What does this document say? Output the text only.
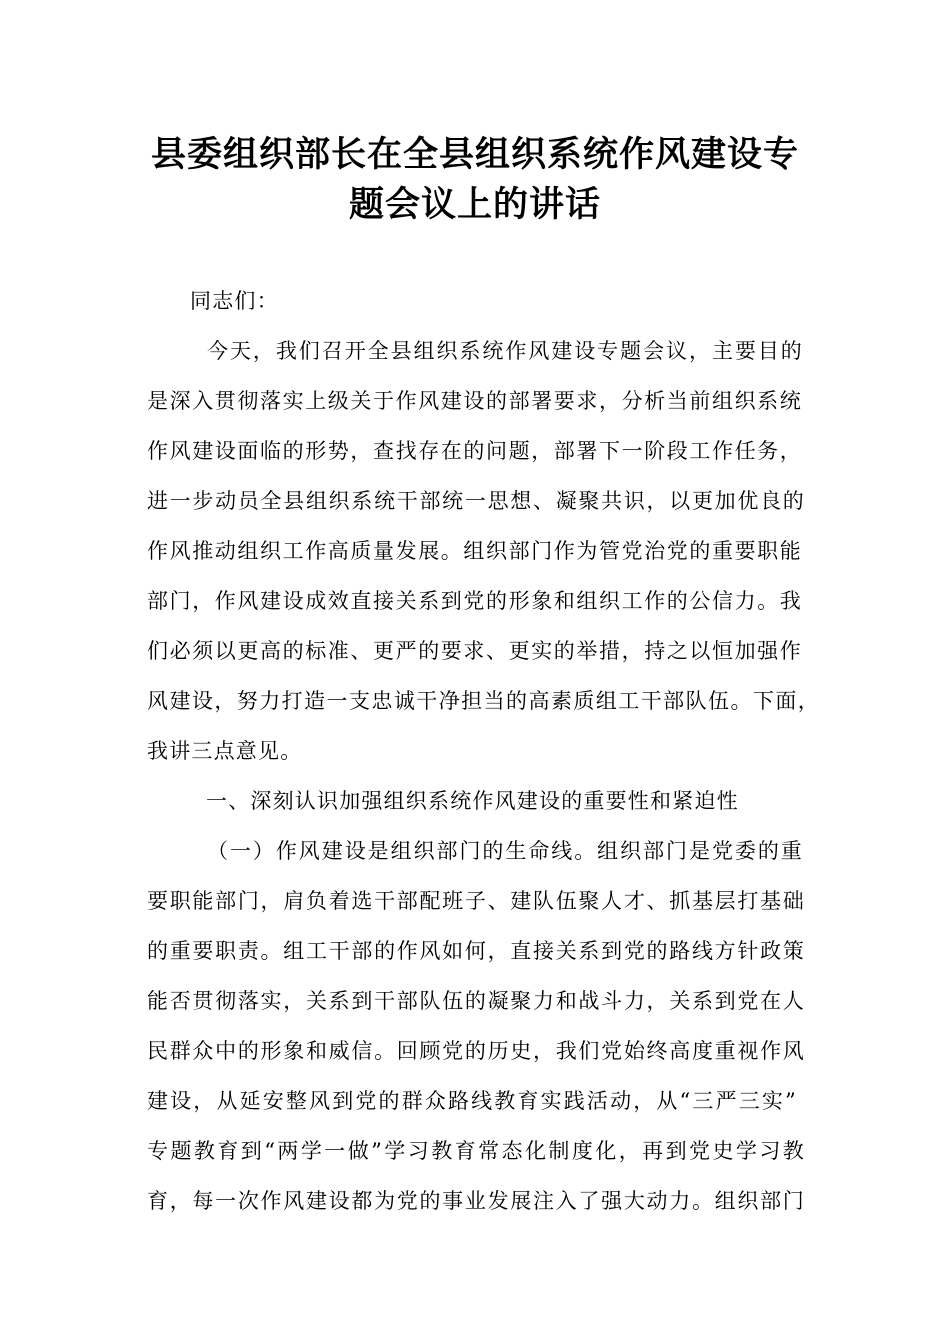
县委组织部长在全县组织系统作风建设专
题会议上的讲话
同志们：
今天，我们召开全县组织系统作风建设专题会议，主要目的
是深入贯彻落实上级关于作风建设的部署要求，分析当前组织系统
作风建设面临的形势，查找存在的问题，部署下一阶段工作任务，
进一步动员全县组织系统干部统一思想、凝聚共识，以更加优良的
作风推动组织工作高质量发展。组织部门作为管党治党的重要职能
部门，作风建设成效直接关系到党的形象和组织工作的公信力。我
们必须以更高的标准、更严的要求、更实的举措，持之以恒加强作
风建设，努力打造一支忠诚干净担当的高素质组工干部队伍。下面，
我讲三点意见。
一、深刻认识加强组织系统作风建设的重要性和紧迫性
（一）作风建设是组织部门的生命线。组织部门是党委的重
要职能部门，肩负着选干部配班子、建队伍聚人才、抓基层打基础
的重要职责。组工干部的作风如何，直接关系到党的路线方针政策
能否贯彻落实，关系到干部队伍的凝聚力和战斗力，关系到党在人
民群众中的形象和威信。回顾党的历史，我们党始终高度重视作风
建设，从延安整风到党的群众路线教育实践活动，从“三严三实”
专题教育到“两学一做”学习教育常态化制度化，再到党史学习教
育，每一次作风建设都为党的事业发展注入了强大动力。组织部门
